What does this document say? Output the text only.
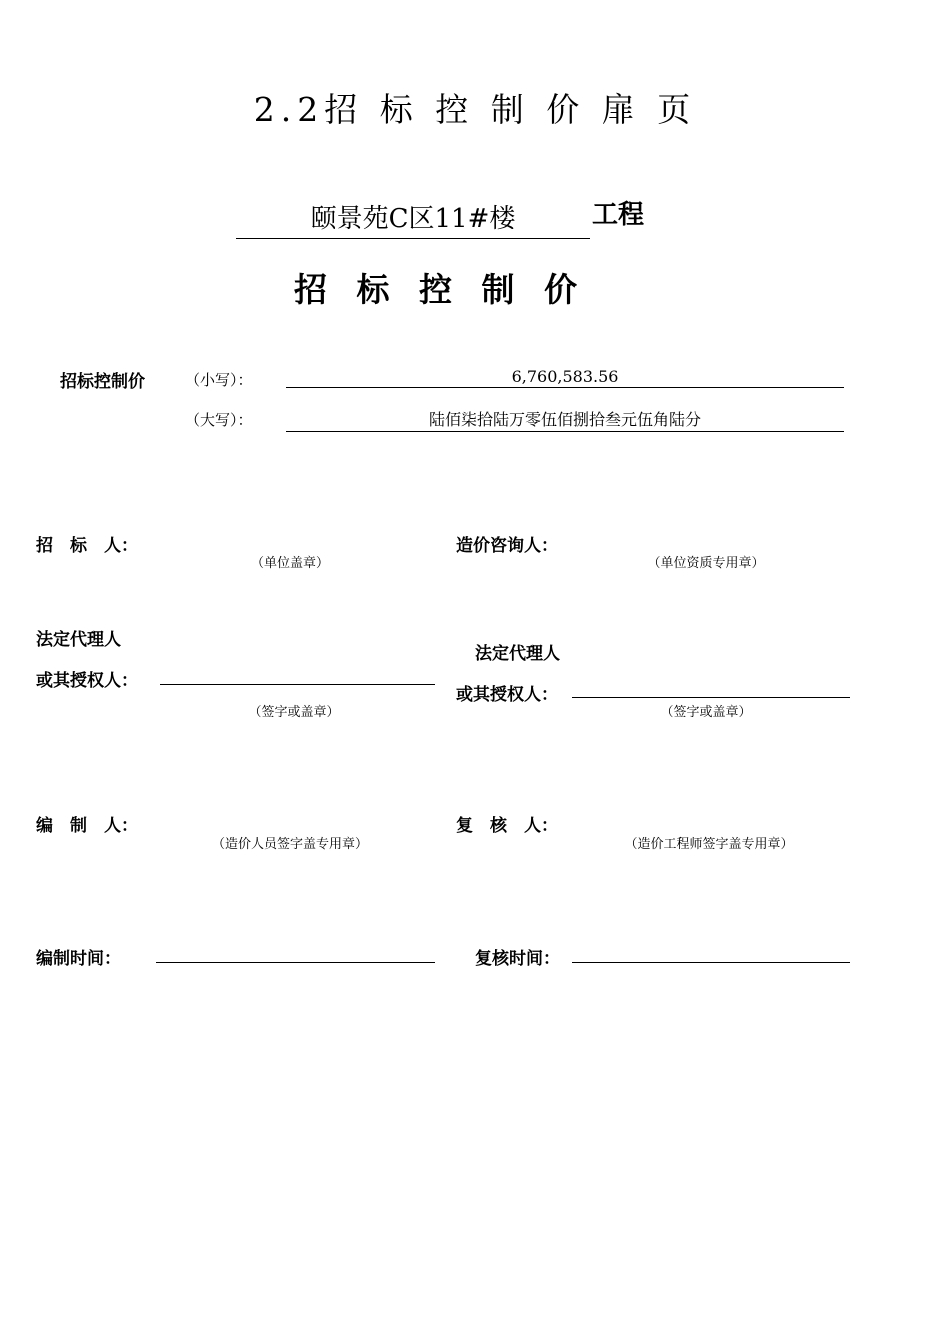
2.2招 标 控 制 价 扉 页
颐景苑C区11#楼	工程
招 标 控 制 价
招标控制价	（小写）：	6,760,583.56
（大写）：	陆佰柒拾陆万零伍佰捌拾叁元伍角陆分
招　标　人：
（单位盖章）
法定代理人
或其授权人：
（签字或盖章）
编　制　人：
（造价人员签字盖专用章）
编制时间：
造价咨询人：
（单位资质专用章）
法定代理人
或其授权人：
（签字或盖章）
复　核　人：
（造价工程师签字盖专用章）
复核时间：
